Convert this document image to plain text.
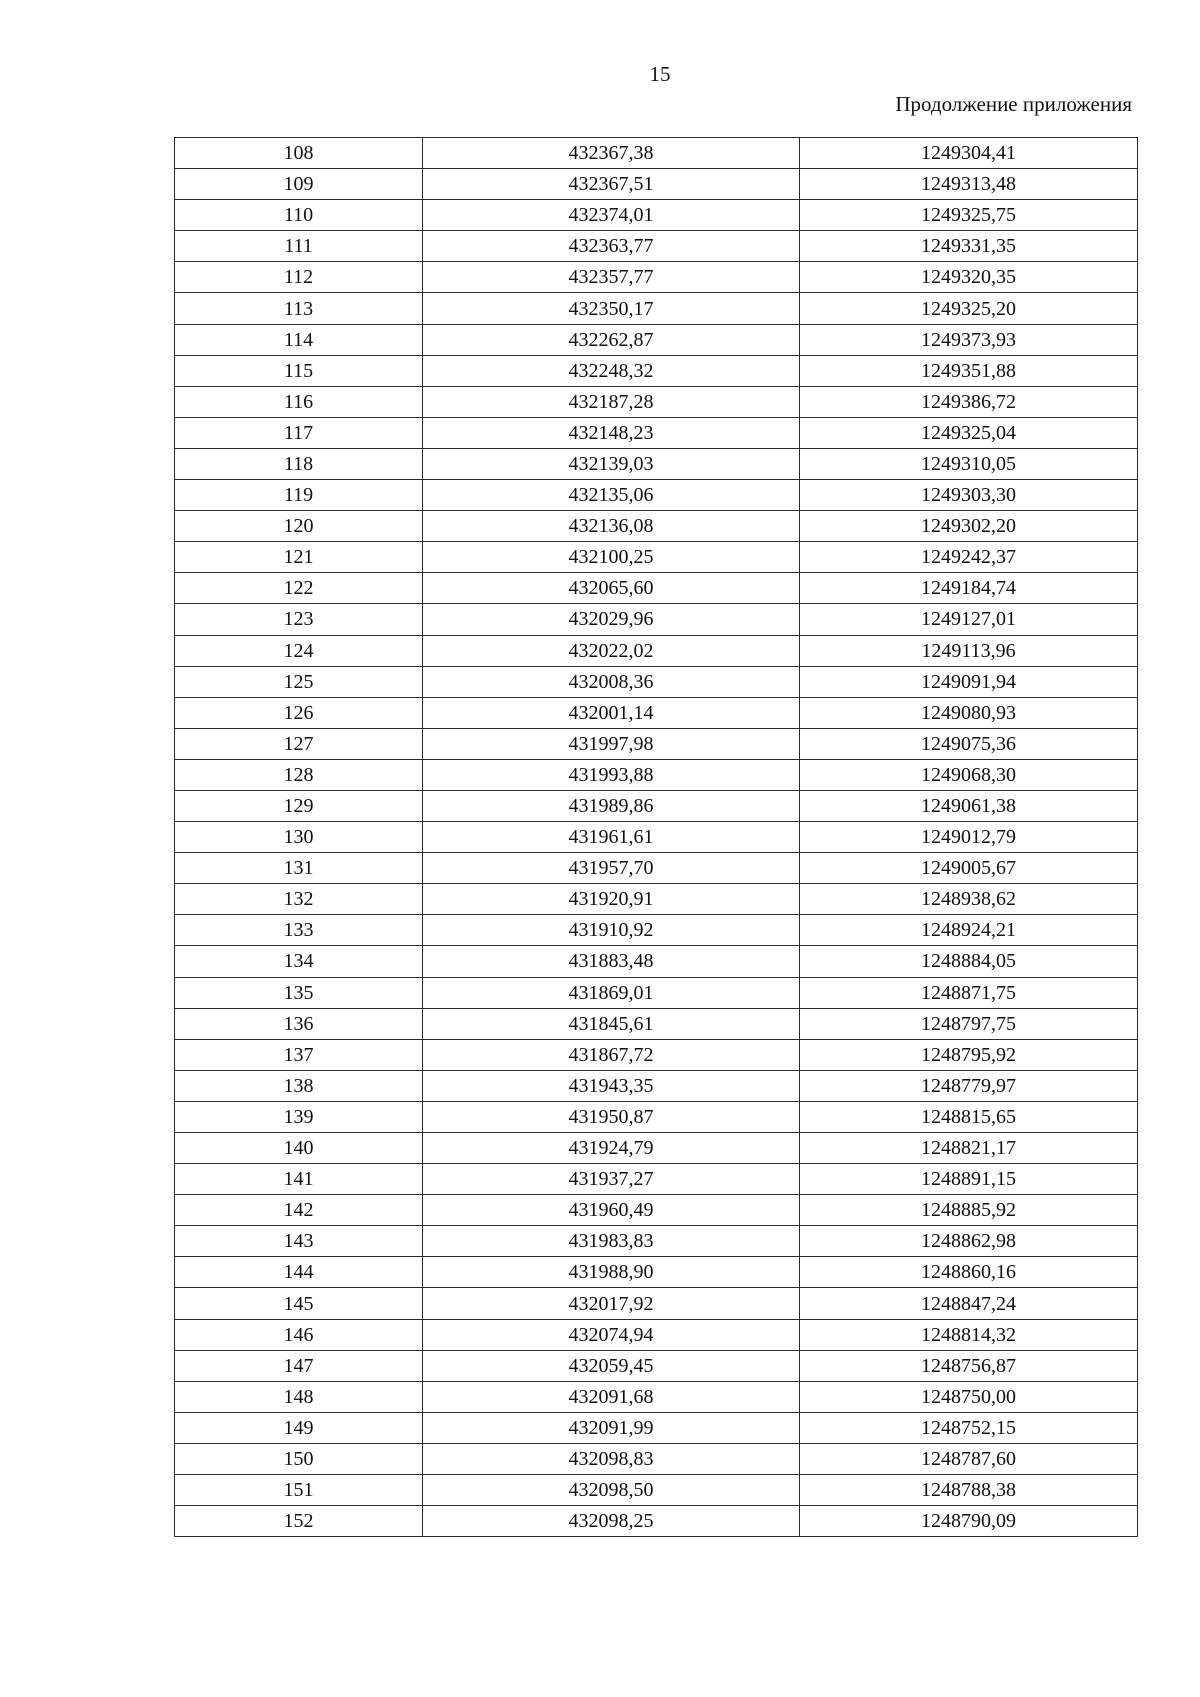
15
Продолжение приложения
108	432367,38	1249304,41
109	432367,51	1249313,48
110	432374,01	1249325,75
111	432363,77	1249331,35
112	432357,77	1249320,35
113	432350,17	1249325,20
114	432262,87	1249373,93
115	432248,32	1249351,88
116	432187,28	1249386,72
117	432148,23	1249325,04
118	432139,03	1249310,05
119	432135,06	1249303,30
120	432136,08	1249302,20
121	432100,25	1249242,37
122	432065,60	1249184,74
123	432029,96	1249127,01
124	432022,02	1249113,96
125	432008,36	1249091,94
126	432001,14	1249080,93
127	431997,98	1249075,36
128	431993,88	1249068,30
129	431989,86	1249061,38
130	431961,61	1249012,79
131	431957,70	1249005,67
132	431920,91	1248938,62
133	431910,92	1248924,21
134	431883,48	1248884,05
135	431869,01	1248871,75
136	431845,61	1248797,75
137	431867,72	1248795,92
138	431943,35	1248779,97
139	431950,87	1248815,65
140	431924,79	1248821,17
141	431937,27	1248891,15
142	431960,49	1248885,92
143	431983,83	1248862,98
144	431988,90	1248860,16
145	432017,92	1248847,24
146	432074,94	1248814,32
147	432059,45	1248756,87
148	432091,68	1248750,00
149	432091,99	1248752,15
150	432098,83	1248787,60
151	432098,50	1248788,38
152	432098,25	1248790,09
